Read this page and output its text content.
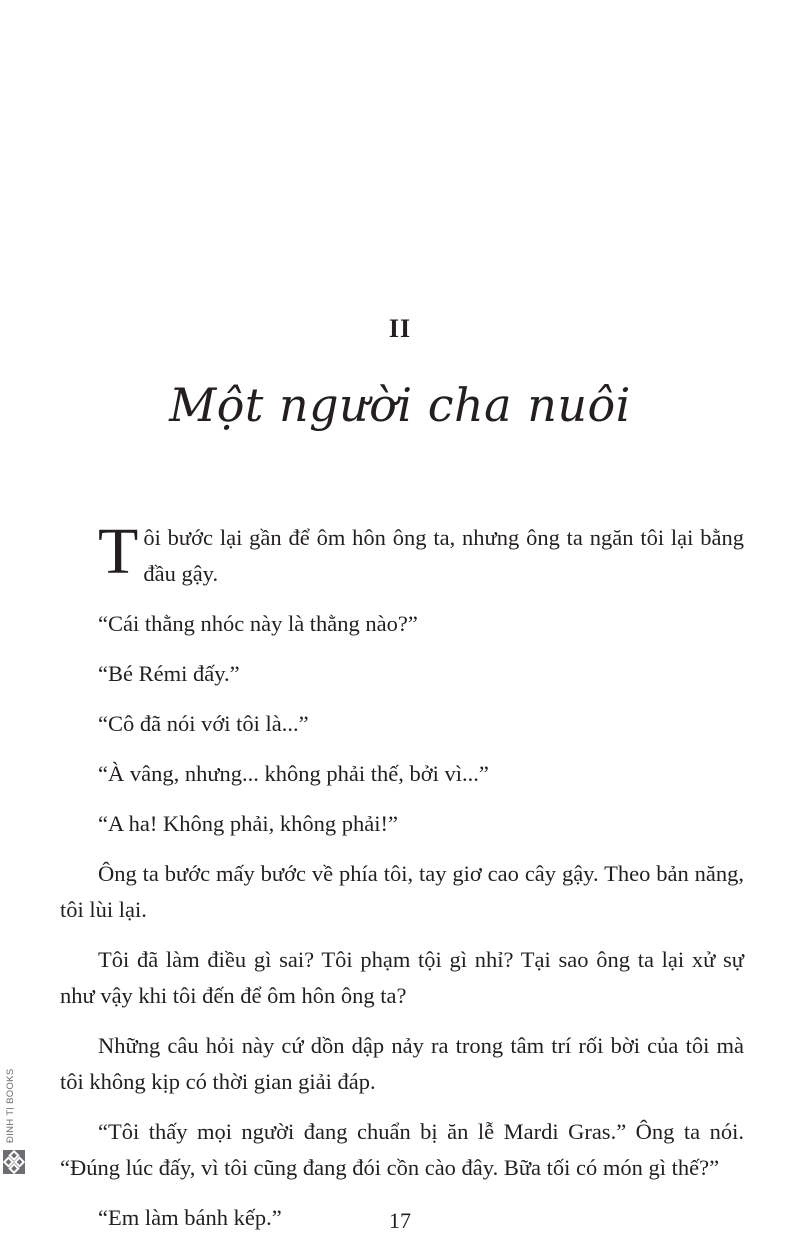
II
Một người cha nuôi

Tôi bước lại gần để ôm hôn ông ta, nhưng ông ta ngăn tôi lại bằng đầu gậy.

“Cái thằng nhóc này là thằng nào?”

“Bé Rémi đấy.”

“Cô đã nói với tôi là...”

“À vâng, nhưng... không phải thế, bởi vì...”

“A ha! Không phải, không phải!”

Ông ta bước mấy bước về phía tôi, tay giơ cao cây gậy. Theo bản năng, tôi lùi lại.

Tôi đã làm điều gì sai? Tôi phạm tội gì nhỉ? Tại sao ông ta lại xử sự như vậy khi tôi đến để ôm hôn ông ta?

Những câu hỏi này cứ dồn dập nảy ra trong tâm trí rối bời của tôi mà tôi không kịp có thời gian giải đáp.

“Tôi thấy mọi người đang chuẩn bị ăn lễ Mardi Gras.” Ông ta nói. “Đúng lúc đấy, vì tôi cũng đang đói cồn cào đây. Bữa tối có món gì thế?”

“Em làm bánh kếp.”

ĐINH TỊ BOOKS
17
